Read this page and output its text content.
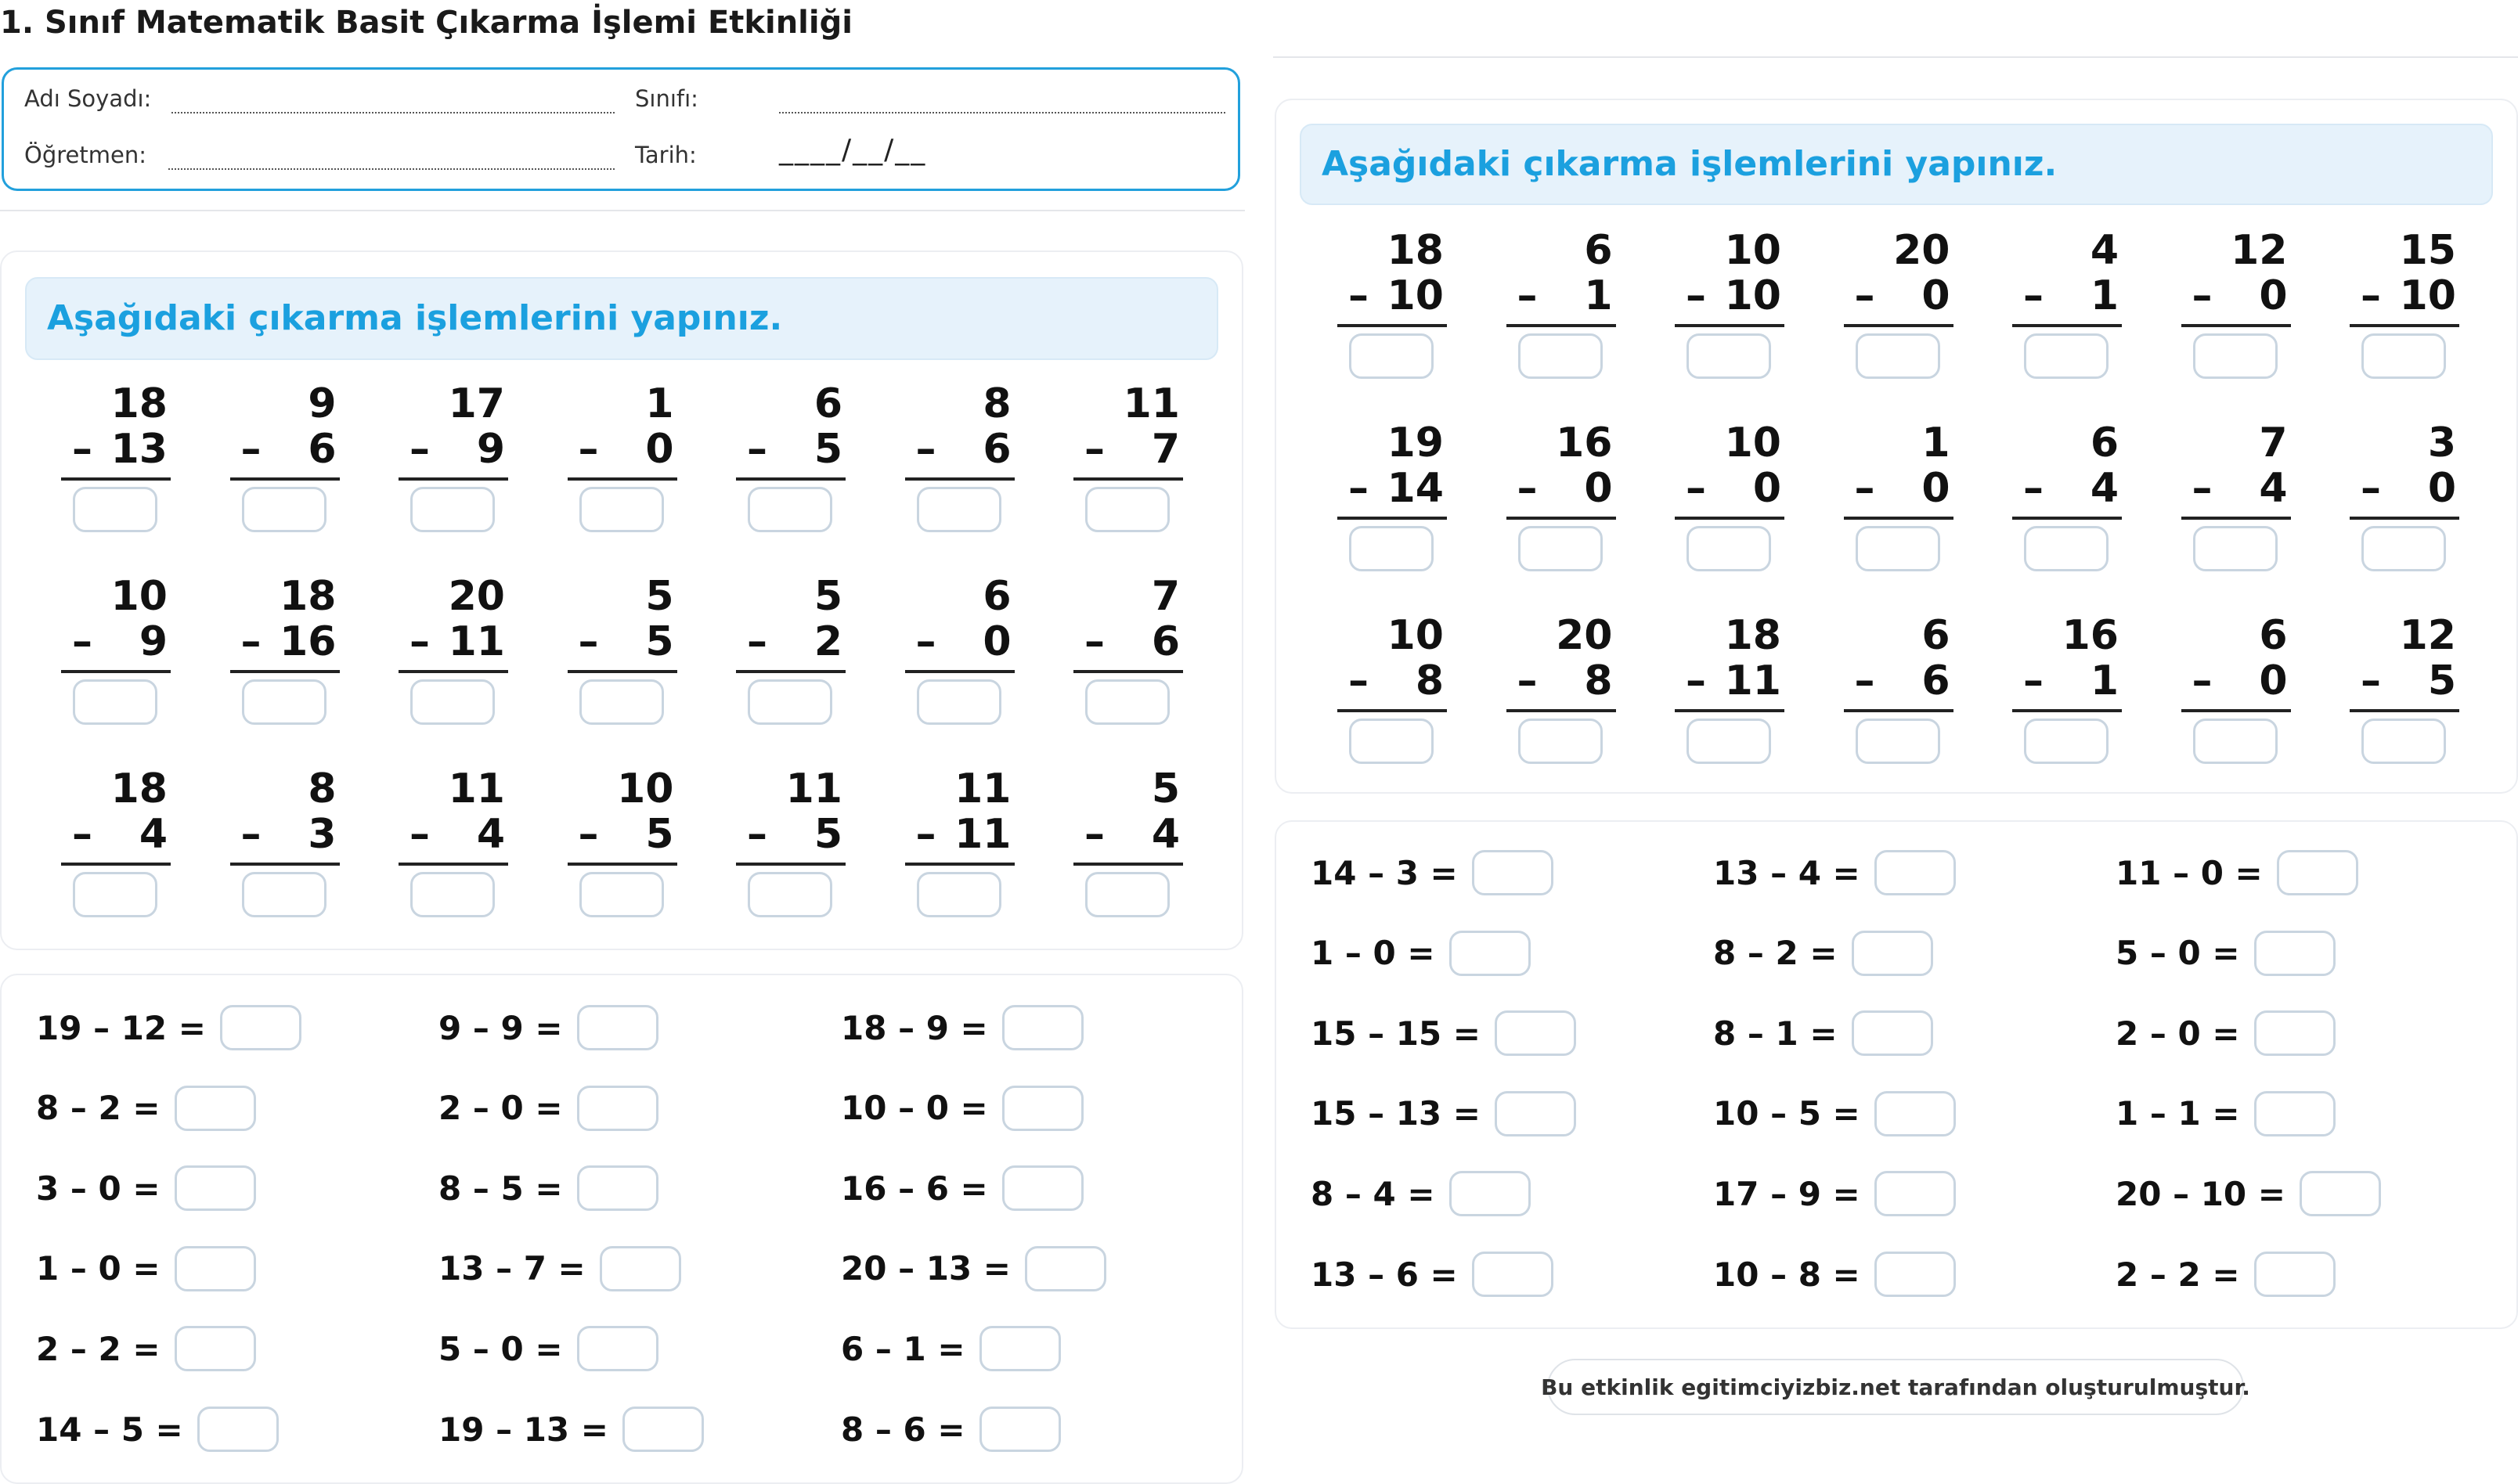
1. Sınıf Matematik Basit Çıkarma İşlemi Etkinliği
Adı Soyadı:	Sınıfı:
Öğretmen:	Tarih:	____/__/__
Aşağıdaki çıkarma işlemlerini yapınız.
18
– 13
9
– 6
17
– 9
1
– 0
6
– 5
8
– 6
11
– 7
10
– 9
18
– 16
20
– 11
5
– 5
5
– 2
6
– 0
7
– 6
18
– 4
8
– 3
11
– 4
10
– 5
11
– 5
11
– 11
5
– 4
19 – 12 =	9 – 9 =	18 – 9 =
8 – 2 =	2 – 0 =	10 – 0 =
3 – 0 =	8 – 5 =	16 – 6 =
1 – 0 =	13 – 7 =	20 – 13 =
2 – 2 =	5 – 0 =	6 – 1 =
14 – 5 =	19 – 13 =	8 – 6 =
Aşağıdaki çıkarma işlemlerini yapınız.
18
– 10
6
– 1
10
– 10
20
– 0
4
– 1
12
– 0
15
– 10
19
– 14
16
– 0
10
– 0
1
– 0
6
– 4
7
– 4
3
– 0
10
– 8
20
– 8
18
– 11
6
– 6
16
– 1
6
– 0
12
– 5
14 – 3 =	13 – 4 =	11 – 0 =
1 – 0 =	8 – 2 =	5 – 0 =
15 – 15 =	8 – 1 =	2 – 0 =
15 – 13 =	10 – 5 =	1 – 1 =
8 – 4 =	17 – 9 =	20 – 10 =
13 – 6 =	10 – 8 =	2 – 2 =
Bu etkinlik egitimciyizbiz.net tarafından oluşturulmuştur.
